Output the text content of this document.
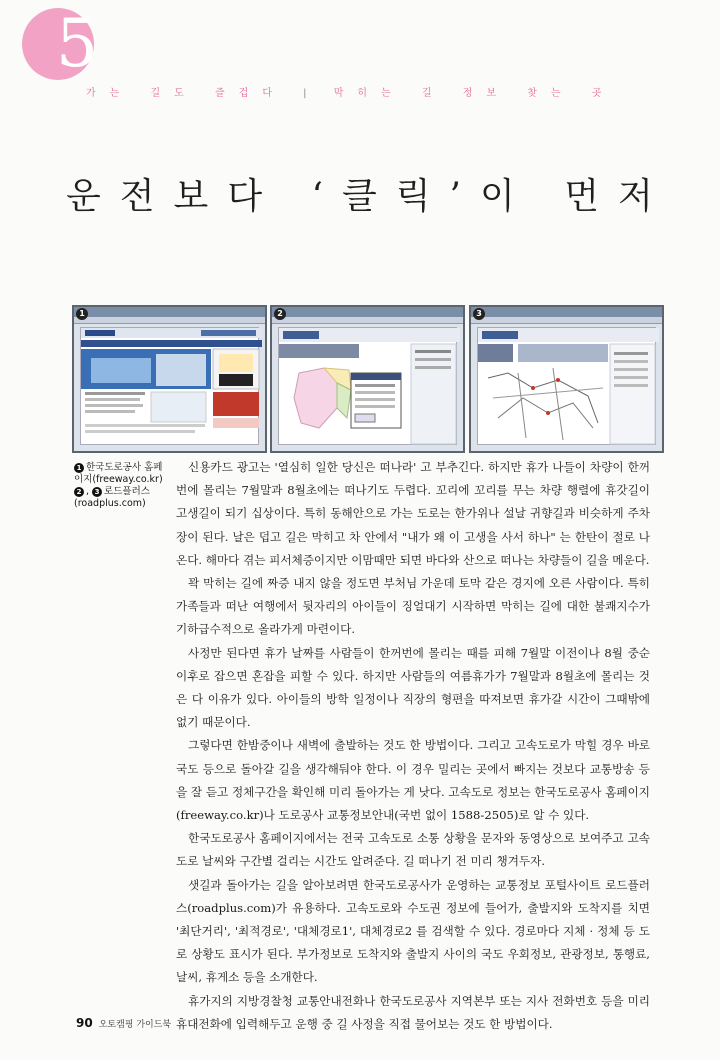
5
가는 길도 즐겁다 | 막히는 길 정보 찾는 곳
운전보다 ‘클릭’이 먼저
1	2	3
1 한국도로공사 홈페이지(freeway.co.kr)
2 , 3 로드플러스(roadplus.com)

신용카드 광고는 '열심히 일한 당신은 떠나라' 고 부추긴다. 하지만 휴가 나들이 차량이 한꺼번에 몰리는 7월말과 8월초에는 떠나기도 두렵다. 꼬리에 꼬리를 무는 차량 행렬에 휴갓길이 고생길이 되기 십상이다. 특히 동해안으로 가는 도로는 한가위나 설날 귀향길과 비슷하게 주차장이 된다. 날은 덥고 길은 막히고 차 안에서 "내가 왜 이 고생을 사서 하나" 는 한탄이 절로 나온다. 해마다 겪는 피서체증이지만 이맘때만 되면 바다와 산으로 떠나는 차량들이 길을 메운다.

꽉 막히는 길에 짜증 내지 않을 정도면 부처님 가운데 토막 같은 경지에 오른 사람이다. 특히 가족들과 떠난 여행에서 뒷자리의 아이들이 징얼대기 시작하면 막히는 길에 대한 불쾌지수가 기하급수적으로 올라가게 마련이다.

사정만 된다면 휴가 날짜를 사람들이 한꺼번에 몰리는 때를 피해 7월말 이전이나 8월 중순 이후로 잡으면 혼잡을 피할 수 있다. 하지만 사람들의 여름휴가가 7월말과 8월초에 몰리는 것은 다 이유가 있다. 아이들의 방학 일정이나 직장의 형편을 따져보면 휴가갈 시간이 그때밖에 없기 때문이다.

그렇다면 한밤중이나 새벽에 출발하는 것도 한 방법이다. 그리고 고속도로가 막힐 경우 바로 국도 등으로 돌아갈 길을 생각해둬야 한다. 이 경우 밀리는 곳에서 빠지는 것보다 교통방송 등을 잘 듣고 정체구간을 확인해 미리 돌아가는 게 낫다. 고속도로 정보는 한국도로공사 홈페이지(freeway.co.kr)나 도로공사 교통정보안내(국번 없이 1588-2505)로 알 수 있다.

한국도로공사 홈페이지에서는 전국 고속도로 소통 상황을 문자와 동영상으로 보여주고 고속도로 날씨와 구간별 걸리는 시간도 알려준다. 길 떠나기 전 미리 챙겨두자.

샛길과 돌아가는 길을 알아보려면 한국도로공사가 운영하는 교통정보 포털사이트 로드플러스(roadplus.com)가 유용하다. 고속도로와 수도권 정보에 들어가, 출발지와 도착지를 치면 '최단거리', '최적경로', '대체경로1', 대체경로2 를 검색할 수 있다. 경로마다 지체 · 정체 등 도로 상황도 표시가 된다. 부가정보로 도착지와 출발지 사이의 국도 우회정보, 관광정보, 통행료, 날씨, 휴게소 등을 소개한다.

휴가지의 지방경찰청 교통안내전화나 한국도로공사 지역본부 또는 지사 전화번호 등을 미리 휴대전화에 입력해두고 운행 중 길 사정을 직접 물어보는 것도 한 방법이다.

90 오토캠핑 가이드북
